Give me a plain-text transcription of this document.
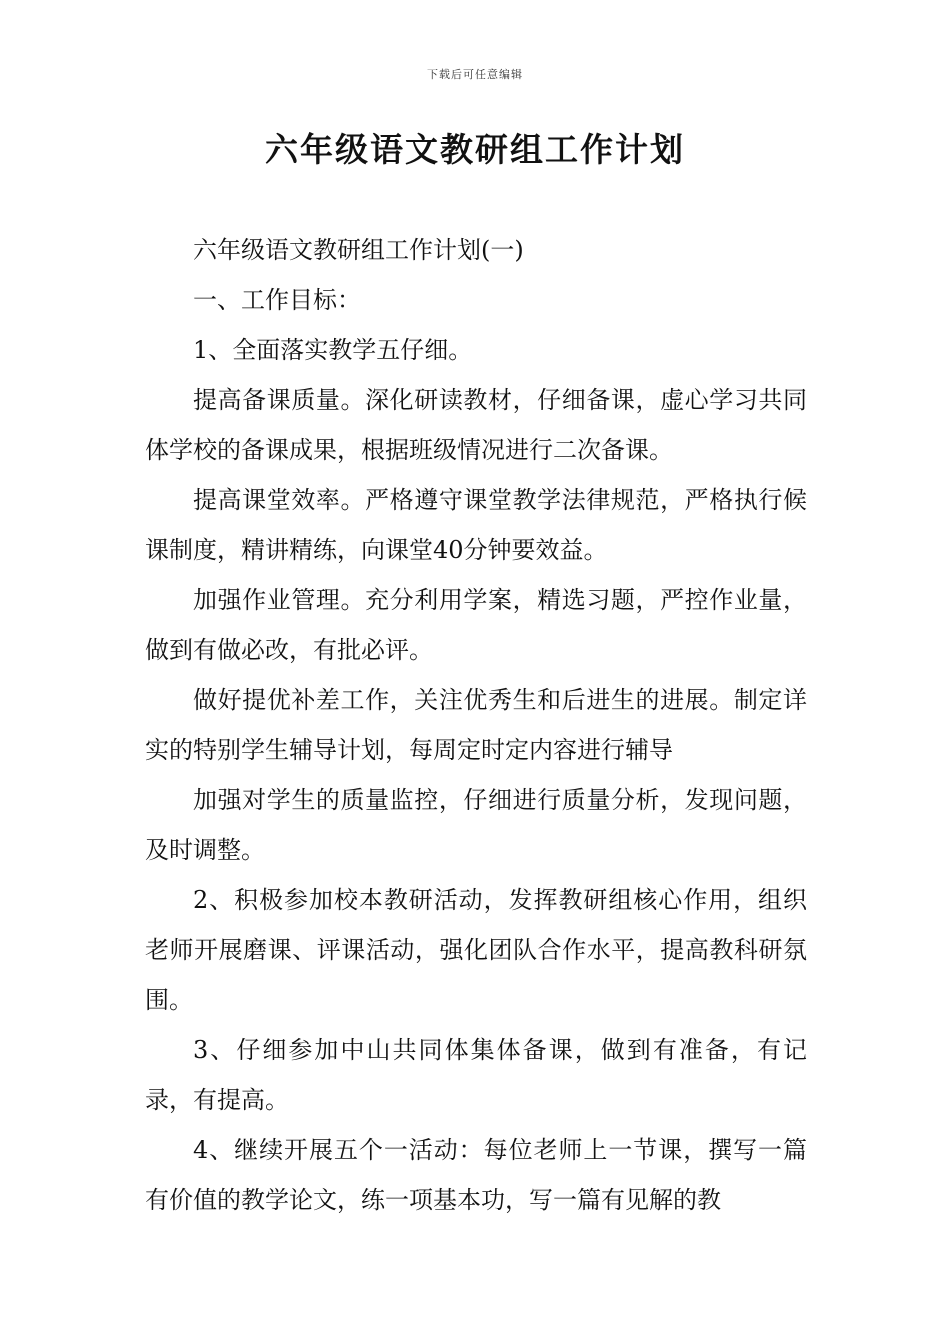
下载后可任意编辑
六年级语文教研组工作计划

六年级语文教研组工作计划(一)

一、工作目标：

1、全面落实教学五仔细。

提高备课质量。深化研读教材，仔细备课，虚心学习共同体学校的备课成果，根据班级情况进行二次备课。

提高课堂效率。严格遵守课堂教学法律规范，严格执行候课制度，精讲精练，向课堂40分钟要效益。

加强作业管理。充分利用学案，精选习题，严控作业量，做到有做必改，有批必评。

做好提优补差工作，关注优秀生和后进生的进展。制定详实的特别学生辅导计划，每周定时定内容进行辅导

加强对学生的质量监控，仔细进行质量分析，发现问题，及时调整。

2、积极参加校本教研活动，发挥教研组核心作用，组织老师开展磨课、评课活动，强化团队合作水平，提高教科研氛围。

3、仔细参加中山共同体集体备课，做到有准备，有记录，有提高。

4、继续开展五个一活动：每位老师上一节课，撰写一篇有价值的教学论文，练一项基本功，写一篇有见解的教
